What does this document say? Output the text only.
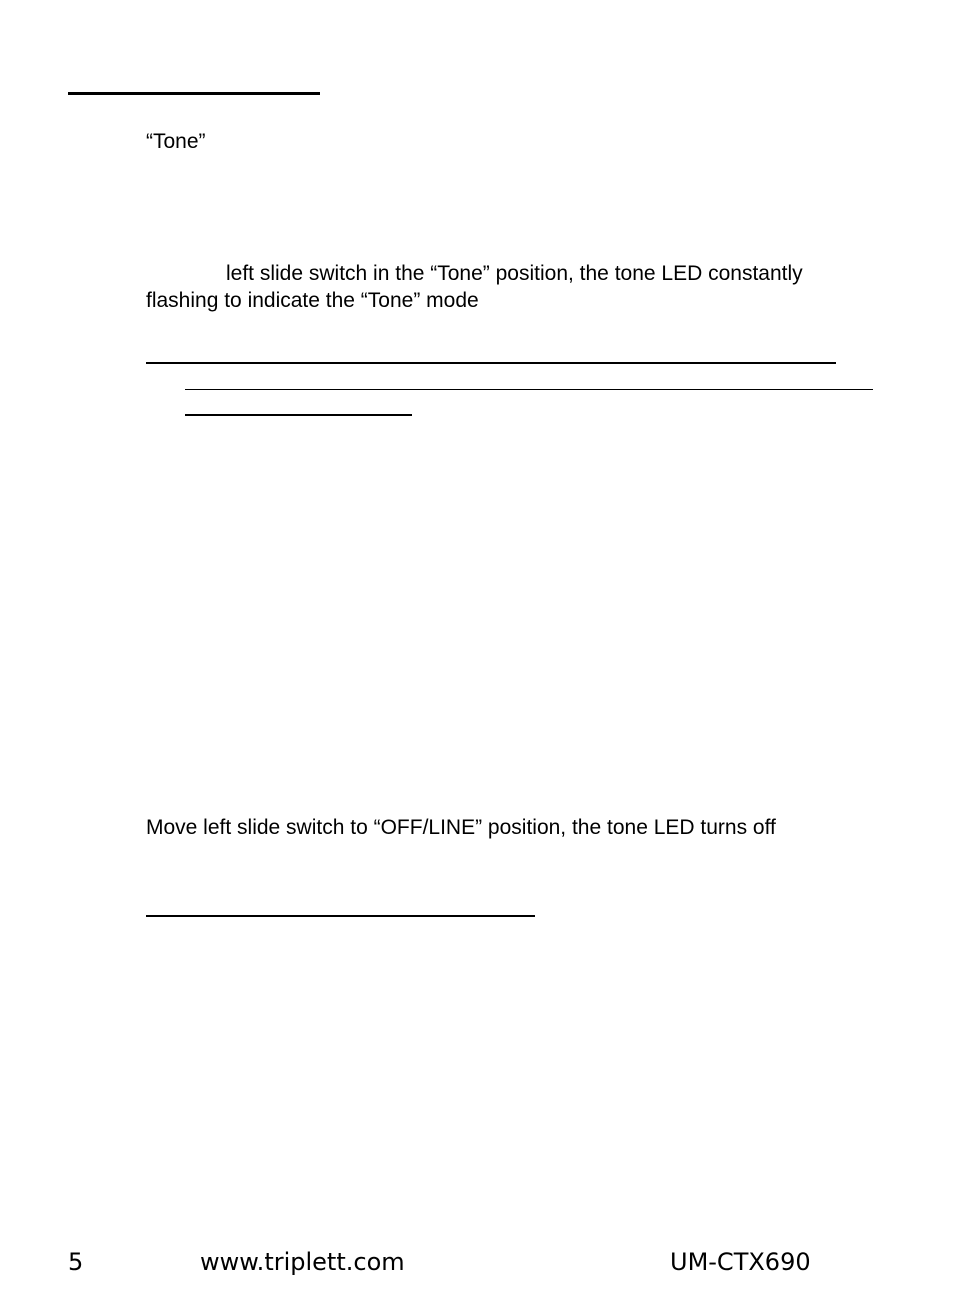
“Tone”
left slide switch in the “Tone” position, the tone LED constantly
flashing to indicate the “Tone” mode
Move left slide switch to “OFF/LINE” position, the tone LED turns off
5	www.triplett.com	UM-CTX690
